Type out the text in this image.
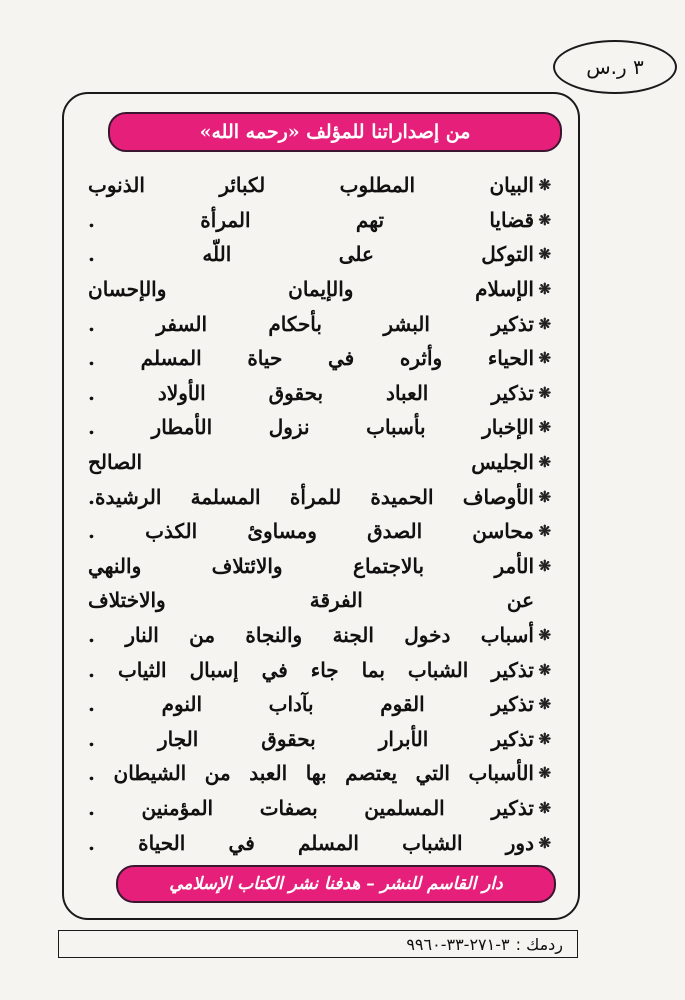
٣ ر.س
من إصداراتنا للمؤلف «رحمه الله»
❋
البيان المطلوب لكبائر الذنوب
❋
قضايا تهم المرأة .
❋
التوكل على اللّه .
❋
الإسلام والإيمان والإحسان
❋
تذكير البشر بأحكام السفر .
❋
الحياء وأثره في حياة المسلم .
❋
تذكير العباد بحقوق الأولاد .
❋
الإخبار بأسباب نزول الأمطار .
❋
الجليس الصالح
❋
الأوصاف الحميدة للمرأة المسلمة الرشيدة.
❋
محاسن الصدق ومساوئ الكذب .
❋
الأمر بالاجتماع والائتلاف والنهي
عن الفرقة والاختلاف
❋
أسباب دخول الجنة والنجاة من النار .
❋
تذكير الشباب بما جاء في إسبال الثياب .
❋
تذكير القوم بآداب النوم .
❋
تذكير الأبرار بحقوق الجار .
❋
الأسباب التي يعتصم بها العبد من الشيطان .
❋
تذكير المسلمين بصفات المؤمنين .
❋
دور الشباب المسلم في الحياة .
دار القاسم للنشر – هدفنا نشر الكتاب الإسلامي
ردمك :
٣-٢٧١-٣٣-٩٩٦٠
